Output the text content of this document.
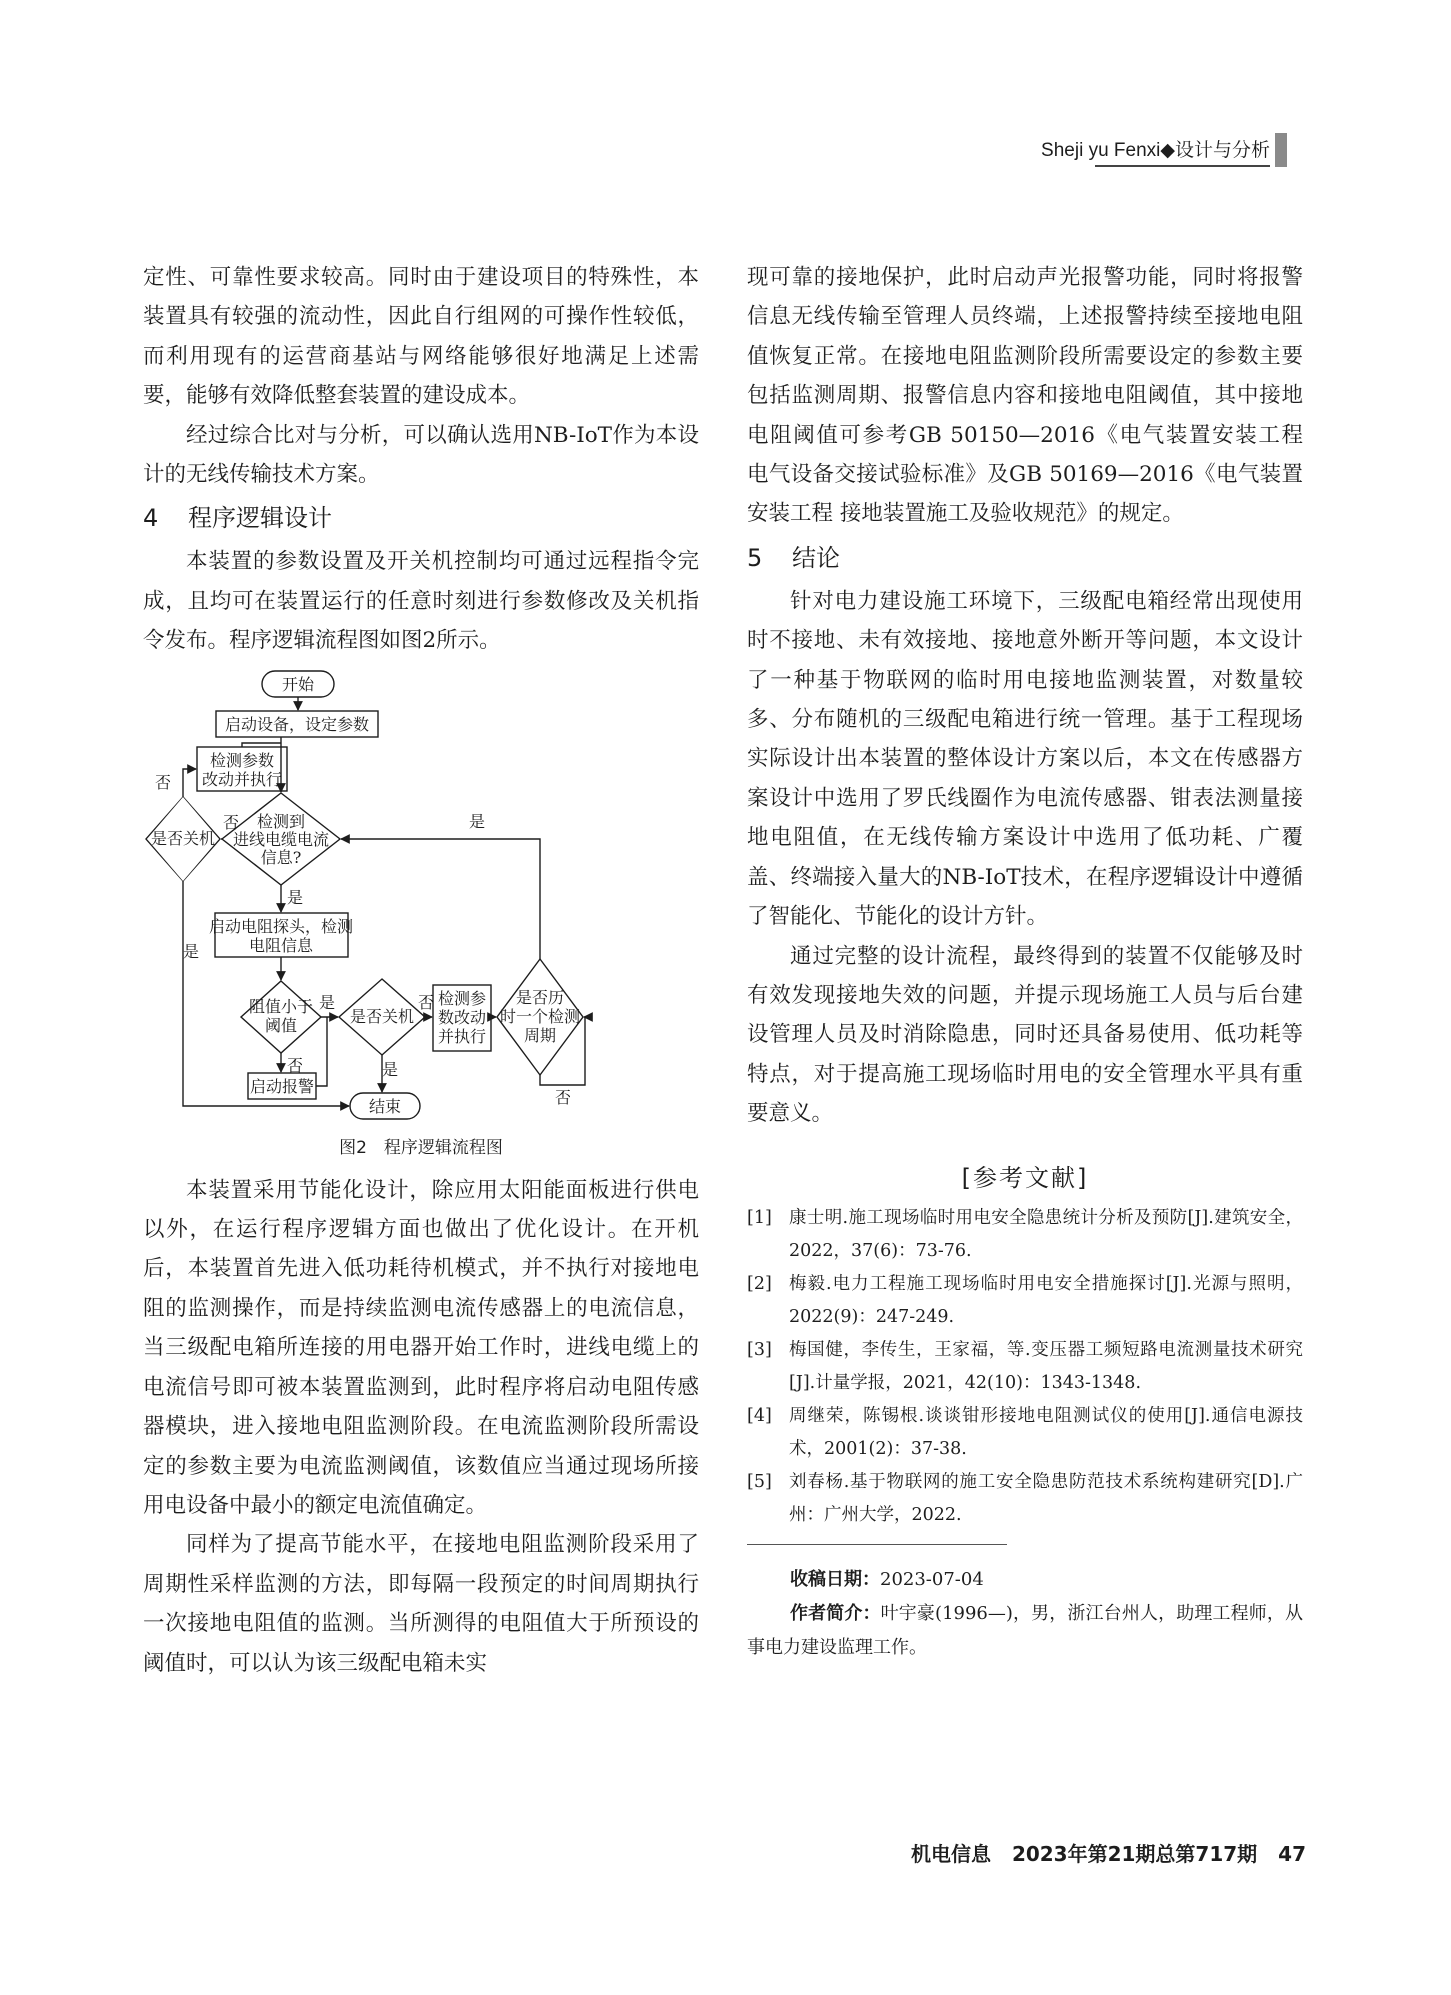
Sheji yu Fenxi◆设计与分析

定性、可靠性要求较高。同时由于建设项目的特殊性，本装置具有较强的流动性，因此自行组网的可操作性较低，而利用现有的运营商基站与网络能够很好地满足上述需要，能够有效降低整套装置的建设成本。

经过综合比对与分析，可以确认选用NB-IoT作为本设计的无线传输技术方案。

4	程序逻辑设计

本装置的参数设置及开关机控制均可通过远程指令完成，且均可在装置运行的任意时刻进行参数修改及关机指令发布。程序逻辑流程图如图2所示。

开始
启动设备，设定参数
检测参数
改动并执行
检测到
进线电缆电流
信息?
是否关机
启动电阻探头，检测
电阻信息
阻值小于
阈值	是否关机
检测参
数改动
并执行
是否历
时一个检测
周期
启动报警
结束
否
否	是
是
是
是	否
否	是
否
图2　程序逻辑流程图

本装置采用节能化设计，除应用太阳能面板进行供电以外，在运行程序逻辑方面也做出了优化设计。在开机后，本装置首先进入低功耗待机模式，并不执行对接地电阻的监测操作，而是持续监测电流传感器上的电流信息，当三级配电箱所连接的用电器开始工作时，进线电缆上的电流信号即可被本装置监测到，此时程序将启动电阻传感器模块，进入接地电阻监测阶段。在电流监测阶段所需设定的参数主要为电流监测阈值，该数值应当通过现场所接用电设备中最小的额定电流值确定。

同样为了提高节能水平，在接地电阻监测阶段采用了周期性采样监测的方法，即每隔一段预定的时间周期执行一次接地电阻值的监测。当所测得的电阻值大于所预设的阈值时，可以认为该三级配电箱未实

现可靠的接地保护，此时启动声光报警功能，同时将报警信息无线传输至管理人员终端，上述报警持续至接地电阻值恢复正常。在接地电阻监测阶段所需要设定的参数主要包括监测周期、报警信息内容和接地电阻阈值，其中接地电阻阈值可参考GB 50150—2016《电气装置安装工程 电气设备交接试验标准》及GB 50169—2016《电气装置安装工程 接地装置施工及验收规范》的规定。

5	结论

针对电力建设施工环境下，三级配电箱经常出现使用时不接地、未有效接地、接地意外断开等问题，本文设计了一种基于物联网的临时用电接地监测装置，对数量较多、分布随机的三级配电箱进行统一管理。基于工程现场实际设计出本装置的整体设计方案以后，本文在传感器方案设计中选用了罗氏线圈作为电流传感器、钳表法测量接地电阻值，在无线传输方案设计中选用了低功耗、广覆盖、终端接入量大的NB-IoT技术，在程序逻辑设计中遵循了智能化、节能化的设计方针。

通过完整的设计流程，最终得到的装置不仅能够及时有效发现接地失效的问题，并提示现场施工人员与后台建设管理人员及时消除隐患，同时还具备易使用、低功耗等特点，对于提高施工现场临时用电的安全管理水平具有重要意义。

[参考文献]
[1] 康士明.施工现场临时用电安全隐患统计分析及预防[J].建筑安全，2022，37(6)：73-76.
[2] 梅毅.电力工程施工现场临时用电安全措施探讨[J].光源与照明，2022(9)：247-249.
[3] 梅国健，李传生，王家福，等.变压器工频短路电流测量技术研究[J].计量学报，2021，42(10)：1343-1348.
[4] 周继荣，陈锡根.谈谈钳形接地电阻测试仪的使用[J].通信电源技术，2001(2)：37-38.
[5] 刘春杨.基于物联网的施工安全隐患防范技术系统构建研究[D].广州：广州大学，2022.

收稿日期：2023-07-04

作者简介：叶宇豪(1996—)，男，浙江台州人，助理工程师，从事电力建设监理工作。

机电信息 2023年第21期总第717期 47
